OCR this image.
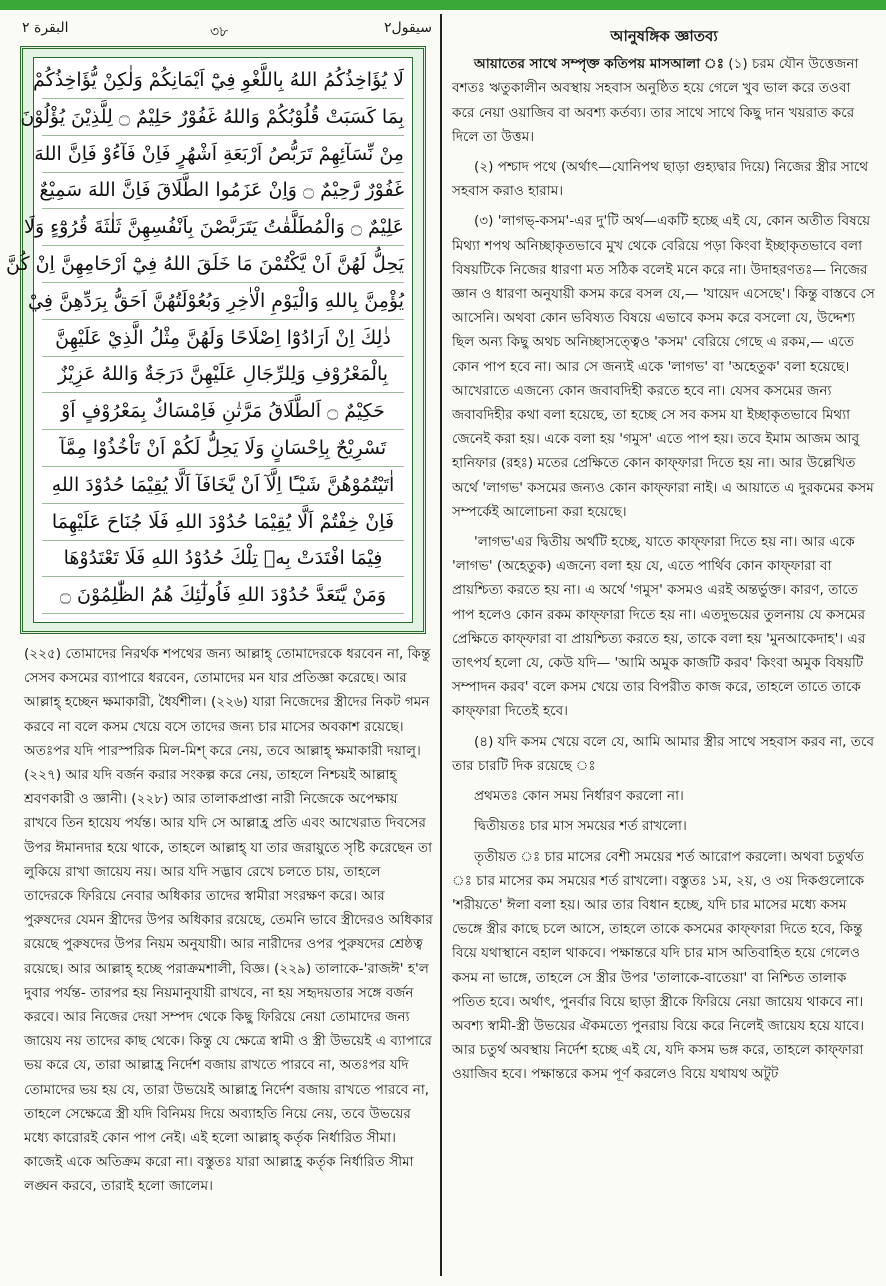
البقرة ٢	৩৮	سيقول٢
لَا يُؤَاخِذُكُمُ اللهُ بِاللَّغْوِ فِيْٓ اَيْمَانِكُمْ وَلٰكِنْ يُّؤَاخِذُكُمْ
بِمَا كَسَبَتْ قُلُوْبُكُمْ وَاللهُ غَفُوْرٌ حَلِيْمٌ ۝ لِلَّذِيْنَ يُؤْلُوْنَ
مِنْ نِّسَآئِهِمْ تَرَبُّصُ اَرْبَعَةِ اَشْهُرٍ فَاِنْ فَآءُوْ فَاِنَّ اللهَ
غَفُوْرٌ رَّحِيْمٌ ۝ وَاِنْ عَزَمُوا الطَّلَاقَ فَاِنَّ اللهَ سَمِيْعٌ
عَلِيْمٌ ۝ وَالْمُطَلَّقٰتُ يَتَرَبَّصْنَ بِاَنْفُسِهِنَّ ثَلٰثَةَ قُرُوْٓءٍ وَلَا
يَحِلُّ لَهُنَّ اَنْ يَّكْتُمْنَ مَا خَلَقَ اللهُ فِيْٓ اَرْحَامِهِنَّ اِنْ كُنَّ
يُؤْمِنَّ بِاللهِ وَالْيَوْمِ الْاٰخِرِ وَبُعُوْلَتُهُنَّ اَحَقُّ بِرَدِّهِنَّ فِيْ
ذٰلِكَ اِنْ اَرَادُوْٓا اِصْلَاحًا وَلَهُنَّ مِثْلُ الَّذِيْ عَلَيْهِنَّ
بِالْمَعْرُوْفِ وَلِلرِّجَالِ عَلَيْهِنَّ دَرَجَةٌ وَاللهُ عَزِيْزٌ
حَكِيْمٌ ۝ اَلطَّلَاقُ مَرَّتٰنِ فَاِمْسَاكٌ بِمَعْرُوْفٍ اَوْ
تَسْرِيْحٌ بِاِحْسَانٍ وَلَا يَحِلُّ لَكُمْ اَنْ تَاْخُذُوْا مِمَّآ
اٰتَيْتُمُوْهُنَّ شَيْـًٔا اِلَّآ اَنْ يَّخَافَآ اَلَّا يُقِيْمَا حُدُوْدَ اللهِ
فَاِنْ خِفْتُمْ اَلَّا يُقِيْمَا حُدُوْدَ اللهِ فَلَا جُنَاحَ عَلَيْهِمَا
فِيْمَا افْتَدَتْ بِهٖ تِلْكَ حُدُوْدُ اللهِ فَلَا تَعْتَدُوْهَا
وَمَنْ يَّتَعَدَّ حُدُوْدَ اللهِ فَاُولٰٓئِكَ هُمُ الظّٰلِمُوْنَ ۝

(২২৫) তোমাদের নিরর্থক শপথের জন্য আল্লাহ্ তোমাদেরকে ধরবেন না, কিন্তু সেসব কসমের ব্যাপারে ধরবেন, তোমাদের মন যার প্রতিজ্ঞা করেছে। আর আল্লাহ্ হচ্ছেন ক্ষমাকারী, ধৈর্যশীল। (২২৬) যারা নিজেদের স্ত্রীদের নিকট গমন করবে না বলে কসম খেয়ে বসে তাদের জন্য চার মাসের অবকাশ রয়েছে। অতঃপর যদি পারস্পরিক মিল-মিশ্ করে নেয়, তবে আল্লাহ্ ক্ষমাকারী দয়ালু। (২২৭) আর যদি বর্জন করার সংকল্প করে নেয়, তাহলে নিশ্চয়ই আল্লাহ্ শ্রবণকারী ও জ্ঞানী। (২২৮) আর তালাকপ্রাপ্তা নারী নিজেকে অপেক্ষায় রাখবে তিন হায়েয পর্যন্ত। আর যদি সে আল্লাহ্র প্রতি এবং আখেরাত দিবসের উপর ঈমানদার হয়ে থাকে, তাহলে আল্লাহ্ যা তার জরায়ুতে সৃষ্টি করেছেন তা লুকিয়ে রাখা জায়েয নয়। আর যদি সদ্ভাব রেখে চলতে চায়, তাহলে তাদেরকে ফিরিয়ে নেবার অধিকার তাদের স্বামীরা সংরক্ষণ করে। আর পুরুষদের যেমন স্ত্রীদের উপর অধিকার রয়েছে, তেমনি ভাবে স্ত্রীদেরও অধিকার রয়েছে পুরুষদের উপর নিয়ম অনুযায়ী। আর নারীদের ওপর পুরুষদের শ্রেষ্ঠত্ব রয়েছে। আর আল্লাহ্ হচ্ছে পরাক্রমশালী, বিজ্ঞ। (২২৯) তালাকে-'রাজঈ' হ'ল দুবার পর্যন্ত- তারপর হয় নিয়মানুযায়ী রাখবে, না হয় সহৃদয়তার সঙ্গে বর্জন করবে। আর নিজের দেয়া সম্পদ থেকে কিছু ফিরিয়ে নেয়া তোমাদের জন্য জায়েয নয় তাদের কাছ থেকে। কিন্তু যে ক্ষেত্রে স্বামী ও স্ত্রী উভয়েই এ ব্যাপারে ভয় করে যে, তারা আল্লাহ্র নির্দেশ বজায় রাখতে পারবে না, অতঃপর যদি তোমাদের ভয় হয় যে, তারা উভয়েই আল্লাহ্র নির্দেশ বজায় রাখতে পারবে না, তাহলে সেক্ষেত্রে স্ত্রী যদি বিনিময় দিয়ে অব্যাহতি নিয়ে নেয়, তবে উভয়ের মধ্যে কারোরই কোন পাপ নেই। এই হলো আল্লাহ্ কর্তৃক নির্ধারিত সীমা। কাজেই একে অতিক্রম করো না। বস্তুতঃ যারা আল্লাহ্র কর্তৃক নির্ধারিত সীমা লঙ্ঘন করবে, তারাই হলো জালেম।

আনুষঙ্গিক জ্ঞাতব্য

আয়াতের সাথে সম্পৃক্ত কতিপয় মাসআলা ঃ (১) চরম যৌন উত্তেজনা বশতঃ ঋতুকালীন অবস্থায় সহবাস অনুষ্ঠিত হয়ে গেলে খুব ভাল করে তওবা করে নেয়া ওয়াজিব বা অবশ্য কর্তব্য। তার সাথে সাথে কিছু দান খয়রাত করে দিলে তা উত্তম।

(২) পশ্চাদ পথে (অর্থাৎ—যোনিপথ ছাড়া গুহ্যদ্বার দিয়ে) নিজের স্ত্রীর সাথে সহবাস করাও হারাম।

(৩) 'লাগভ্-কসম'-এর দু'টি অর্থ—একটি হচ্ছে এই যে, কোন অতীত বিষয়ে মিথ্যা শপথ অনিচ্ছাকৃতভাবে মুখ থেকে বেরিয়ে পড়া কিংবা ইচ্ছাকৃতভাবে বলা বিষয়টিকে নিজের ধারণা মত সঠিক বলেই মনে করে না। উদাহরণতঃ— নিজের জ্ঞান ও ধারণা অনুযায়ী কসম করে বসল যে,— 'যায়েদ এসেছে'। কিন্তু বাস্তবে সে আসেনি। অথবা কোন ভবিষ্যত বিষয়ে এভাবে কসম করে বসলো যে, উদ্দেশ্য ছিল অন্য কিছু অথচ অনিচ্ছাসত্ত্বেও 'কসম' বেরিয়ে গেছে এ রকম,— এতে কোন পাপ হবে না। আর সে জন্যই একে 'লাগভ' বা 'অহেতুক' বলা হয়েছে। আখেরাতে এজন্যে কোন জবাবদিহী করতে হবে না। যেসব কসমের জন্য জবাবদিহীর কথা বলা হয়েছে, তা হচ্ছে সে সব কসম যা ইচ্ছাকৃতভাবে মিথ্যা জেনেই করা হয়। একে বলা হয় 'গমুস' এতে পাপ হয়। তবে ইমাম আজম আবু হানিফার (রহঃ) মতের প্রেক্ষিতে কোন কাফ্ফারা দিতে হয় না। আর উল্লেখিত অর্থে 'লাগভ' কসমের জন্যও কোন কাফ্ফারা নাই। এ আয়াতে এ দুরকমের কসম সম্পর্কেই আলোচনা করা হয়েছে।

'লাগভ'এর দ্বিতীয় অর্থটি হচ্ছে, যাতে কাফ্ফারা দিতে হয় না। আর একে 'লাগভ' (অহেতুক) এজন্যে বলা হয় যে, এতে পার্থিব কোন কাফ্ফারা বা প্রায়শ্চিত্য করতে হয় না। এ অর্থে 'গমুস' কসমও এরই অন্তর্ভুক্ত। কারণ, তাতে পাপ হলেও কোন রকম কাফ্ফারা দিতে হয় না। এতদুভয়ের তুলনায় যে কসমের প্রেক্ষিতে কাফ্ফারা বা প্রায়শ্চিত্য করতে হয়, তাকে বলা হয় 'মুনআকেদাহ'। এর তাৎপর্য হলো যে, কেউ যদি— 'আমি অমুক কাজটি করব' কিংবা অমুক বিষয়টি সম্পাদন করব' বলে কসম খেয়ে তার বিপরীত কাজ করে, তাহলে তাতে তাকে কাফ্ফারা দিতেই হবে।

(৪) যদি কসম খেয়ে বলে যে, আমি আমার স্ত্রীর সাথে সহবাস করব না, তবে তার চারটি দিক রয়েছে ঃ

প্রথমতঃ কোন সময় নির্ধারণ করলো না।

দ্বিতীয়তঃ চার মাস সময়ের শর্ত রাখলো।

তৃতীয়ত ঃ চার মাসের বেশী সময়ের শর্ত আরোপ করলো। অথবা চতুর্থত ঃ চার মাসের কম সময়ের শর্ত রাখলো। বস্তুতঃ ১ম, ২য়, ও ৩য় দিকগুলোকে 'শরীয়তে' ঈলা বলা হয়। আর তার বিধান হচ্ছে, যদি চার মাসের মধ্যে কসম ভেঙ্গে স্ত্রীর কাছে চলে আসে, তাহলে তাকে কসমের কাফ্ফারা দিতে হবে, কিন্তু বিয়ে যথাস্থানে বহাল থাকবে। পক্ষান্তরে যদি চার মাস অতিবাহিত হয়ে গেলেও কসম না ভাঙ্গে, তাহলে সে স্ত্রীর উপর 'তালাকে-বাতেয়া' বা নিশ্চিত তালাক পতিত হবে। অর্থাৎ, পুনর্বার বিয়ে ছাড়া স্ত্রীকে ফিরিয়ে নেয়া জায়েয থাকবে না। অবশ্য স্বামী-স্ত্রী উভয়ের ঐকমত্যে পুনরায় বিয়ে করে নিলেই জায়েয হয়ে যাবে। আর চতুর্থ অবস্থায় নির্দেশ হচ্ছে এই যে, যদি কসম ভঙ্গ করে, তাহলে কাফ্ফারা ওয়াজিব হবে। পক্ষান্তরে কসম পূর্ণ করলেও বিয়ে যথাযথ অটুট
